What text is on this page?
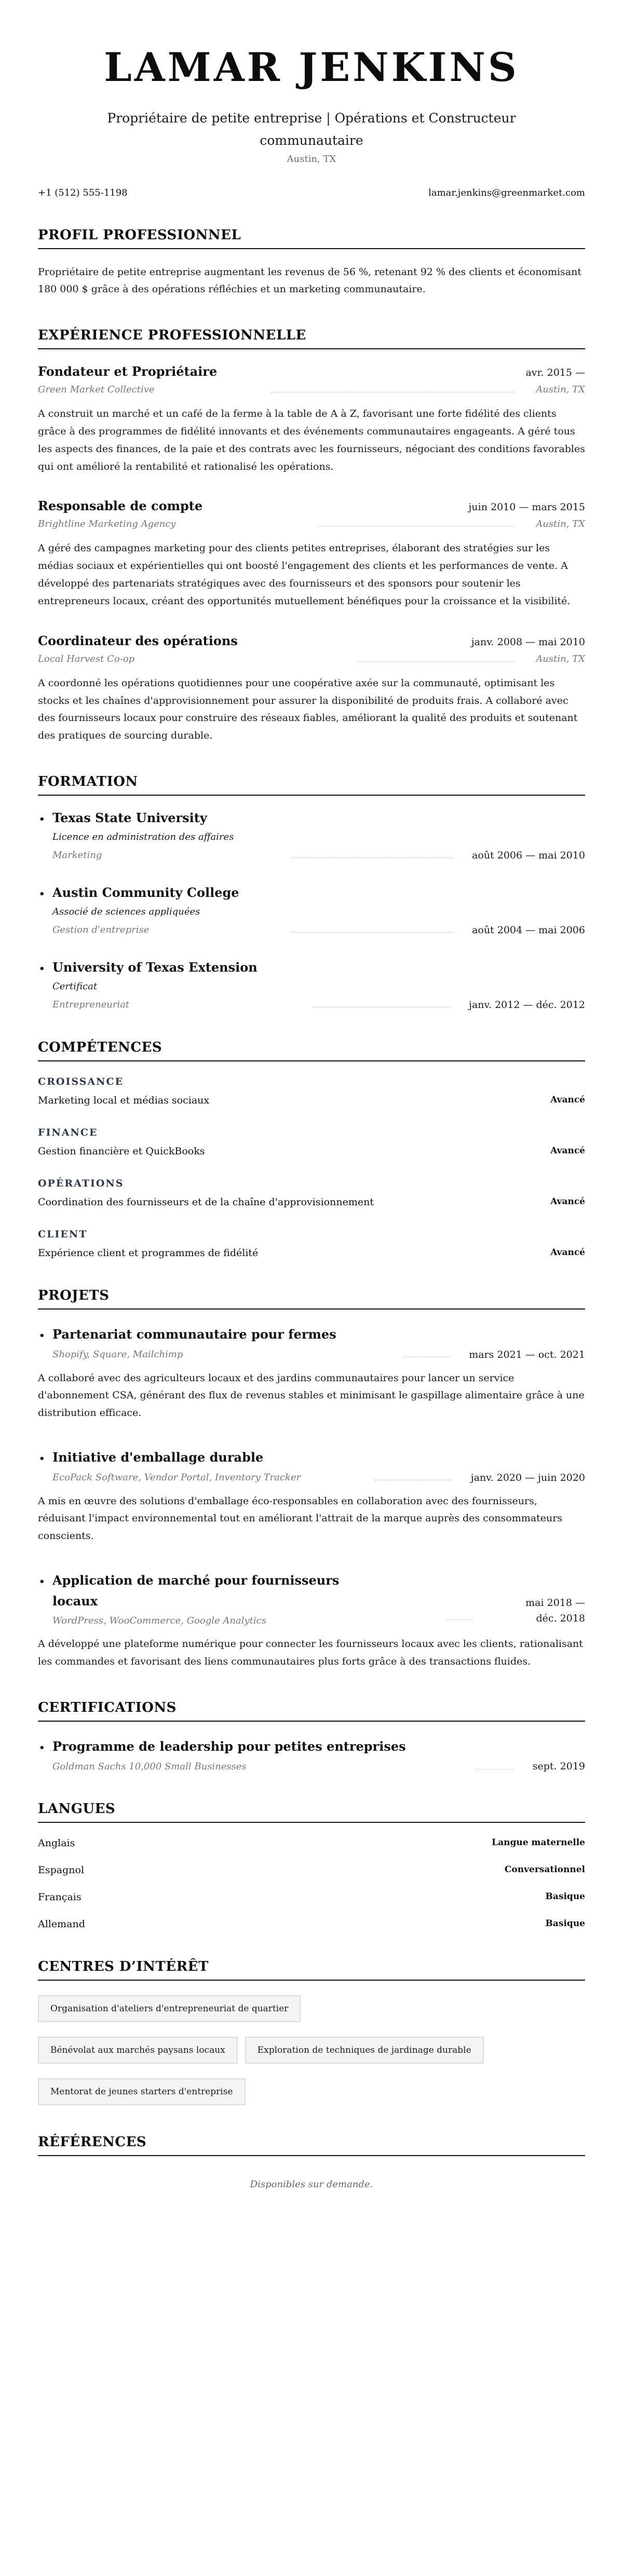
LAMAR JENKINS
Propriétaire de petite entreprise | Opérations et Constructeur communautaire
Austin, TX
+1 (512) 555-1198	lamar.jenkins@greenmarket.com
PROFIL PROFESSIONNEL

Propriétaire de petite entreprise augmentant les revenus de 56 %, retenant 92 % des clients et économisant 180 000 $ grâce à des opérations réfléchies et un marketing communautaire.

EXPÉRIENCE PROFESSIONNELLE
Fondateur et Propriétaire	avr. 2015 —
Green Market Collective	Austin, TX

A construit un marché et un café de la ferme à la table de A à Z, favorisant une forte fidélité des clients grâce à des programmes de fidélité innovants et des événements communautaires engageants. A géré tous les aspects des finances, de la paie et des contrats avec les fournisseurs, négociant des conditions favorables qui ont amélioré la rentabilité et rationalisé les opérations.

Responsable de compte	juin 2010 — mars 2015
Brightline Marketing Agency	Austin, TX

A géré des campagnes marketing pour des clients petites entreprises, élaborant des stratégies sur les médias sociaux et expérientielles qui ont boosté l'engagement des clients et les performances de vente. A développé des partenariats stratégiques avec des fournisseurs et des sponsors pour soutenir les entrepreneurs locaux, créant des opportunités mutuellement bénéfiques pour la croissance et la visibilité.

Coordinateur des opérations	janv. 2008 — mai 2010
Local Harvest Co-op	Austin, TX

A coordonné les opérations quotidiennes pour une coopérative axée sur la communauté, optimisant les stocks et les chaînes d'approvisionnement pour assurer la disponibilité de produits frais. A collaboré avec des fournisseurs locaux pour construire des réseaux fiables, améliorant la qualité des produits et soutenant des pratiques de sourcing durable.

FORMATION
• Texas State University
Licence en administration des affaires
Marketing	août 2006 — mai 2010
• Austin Community College
Associé de sciences appliquées
Gestion d'entreprise	août 2004 — mai 2006
• University of Texas Extension
Certificat
Entrepreneuriat	janv. 2012 — déc. 2012
COMPÉTENCES
CROISSANCE
Marketing local et médias sociaux	Avancé
FINANCE
Gestion financière et QuickBooks	Avancé
OPÉRATIONS
Coordination des fournisseurs et de la chaîne d'approvisionnement	Avancé
CLIENT
Expérience client et programmes de fidélité	Avancé
PROJETS
• Partenariat communautaire pour fermes
Shopify, Square, Mailchimp	mars 2021 — oct. 2021

A collaboré avec des agriculteurs locaux et des jardins communautaires pour lancer un service d'abonnement CSA, générant des flux de revenus stables et minimisant le gaspillage alimentaire grâce à une distribution efficace.

• Initiative d'emballage durable
EcoPack Software, Vendor Portal, Inventory Tracker	janv. 2020 — juin 2020

A mis en œuvre des solutions d'emballage éco-responsables en collaboration avec des fournisseurs, réduisant l'impact environnemental tout en améliorant l'attrait de la marque auprès des consommateurs conscients.

• Application de marché pour fournisseurs locaux
WordPress, WooCommerce, Google Analytics
mai 2018 — déc. 2018

A développé une plateforme numérique pour connecter les fournisseurs locaux avec les clients, rationalisant les commandes et favorisant des liens communautaires plus forts grâce à des transactions fluides.

CERTIFICATIONS
• Programme de leadership pour petites entreprises
Goldman Sachs 10,000 Small Businesses	sept. 2019
LANGUES
Anglais	Langue maternelle
Espagnol	Conversationnel
Français	Basique
Allemand	Basique
CENTRES D’INTÉRÊT
Organisation d'ateliers d'entrepreneuriat de quartier
Bénévolat aux marchés paysans locaux	Exploration de techniques de jardinage durable
Mentorat de jeunes starters d'entreprise
RÉFÉRENCES

Disponibles sur demande.
